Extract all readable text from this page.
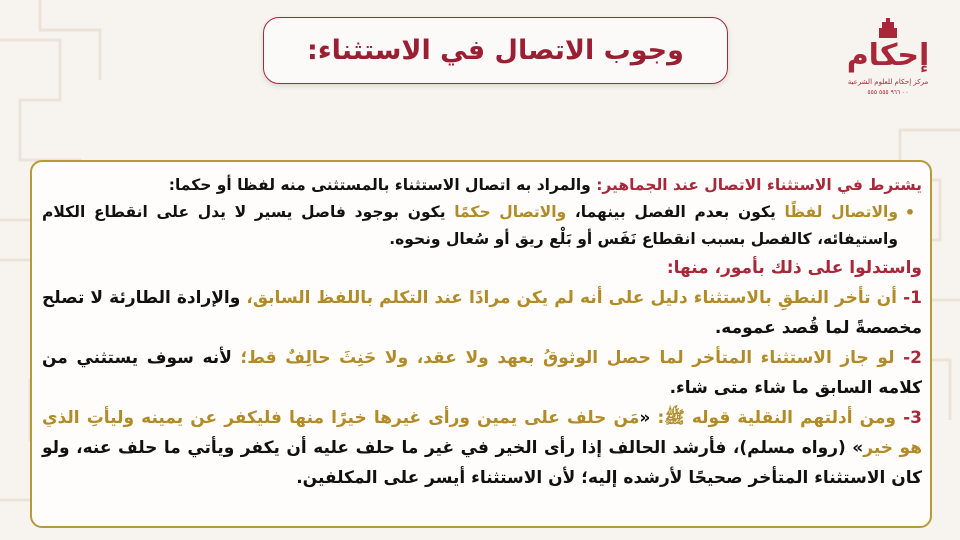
وجوب الاتصال في الاستثناء:	إحكام
مركز إحكام للعلوم الشرعية
٠٠ ٩٦٦ ٥٥٥ ٥٥٥

يشترط في الاستثناء الاتصال عند الجماهير: والمراد به اتصال الاستثناء بالمستثنى منه لفظا أو حكما:

•
والاتصال لفظًا يكون بعدم الفصل بينهما، والاتصال حكمًا يكون بوجود فاصل يسير لا يدل على انقطاع الكلام واستيفائه، كالفصل بسبب انقطاع نَفَس أو بَلْع ريق أو سُعال ونحوه.

واستدلوا على ذلك بأمور، منها:

1- أن تأخر النطقِ بالاستثناء دليل على أنه لم يكن مرادًا عند التكلم باللفظ السابق، والإرادة الطارئة لا تصلح مخصصةً لما قُصد عمومه.

2- لو جاز الاستثناء المتأخر لما حصل الوثوقُ بعهد ولا عقد، ولا حَنِثَ حالِفٌ قط؛ لأنه سوف يستثني من كلامه السابق ما شاء متى شاء.

3- ومن أدلتهم النقلية قوله ﷺ: «مَن حلف على يمين ورأى غيرها خيرًا منها فليكفر عن يمينه وليأتِ الذي هو خير» (رواه مسلم)، فأرشد الحالف إذا رأى الخير في غير ما حلف عليه أن يكفر ويأتي ما حلف عنه، ولو كان الاستثناء المتأخر صحيحًا لأرشده إليه؛ لأن الاستثناء أيسر على المكلفين.
